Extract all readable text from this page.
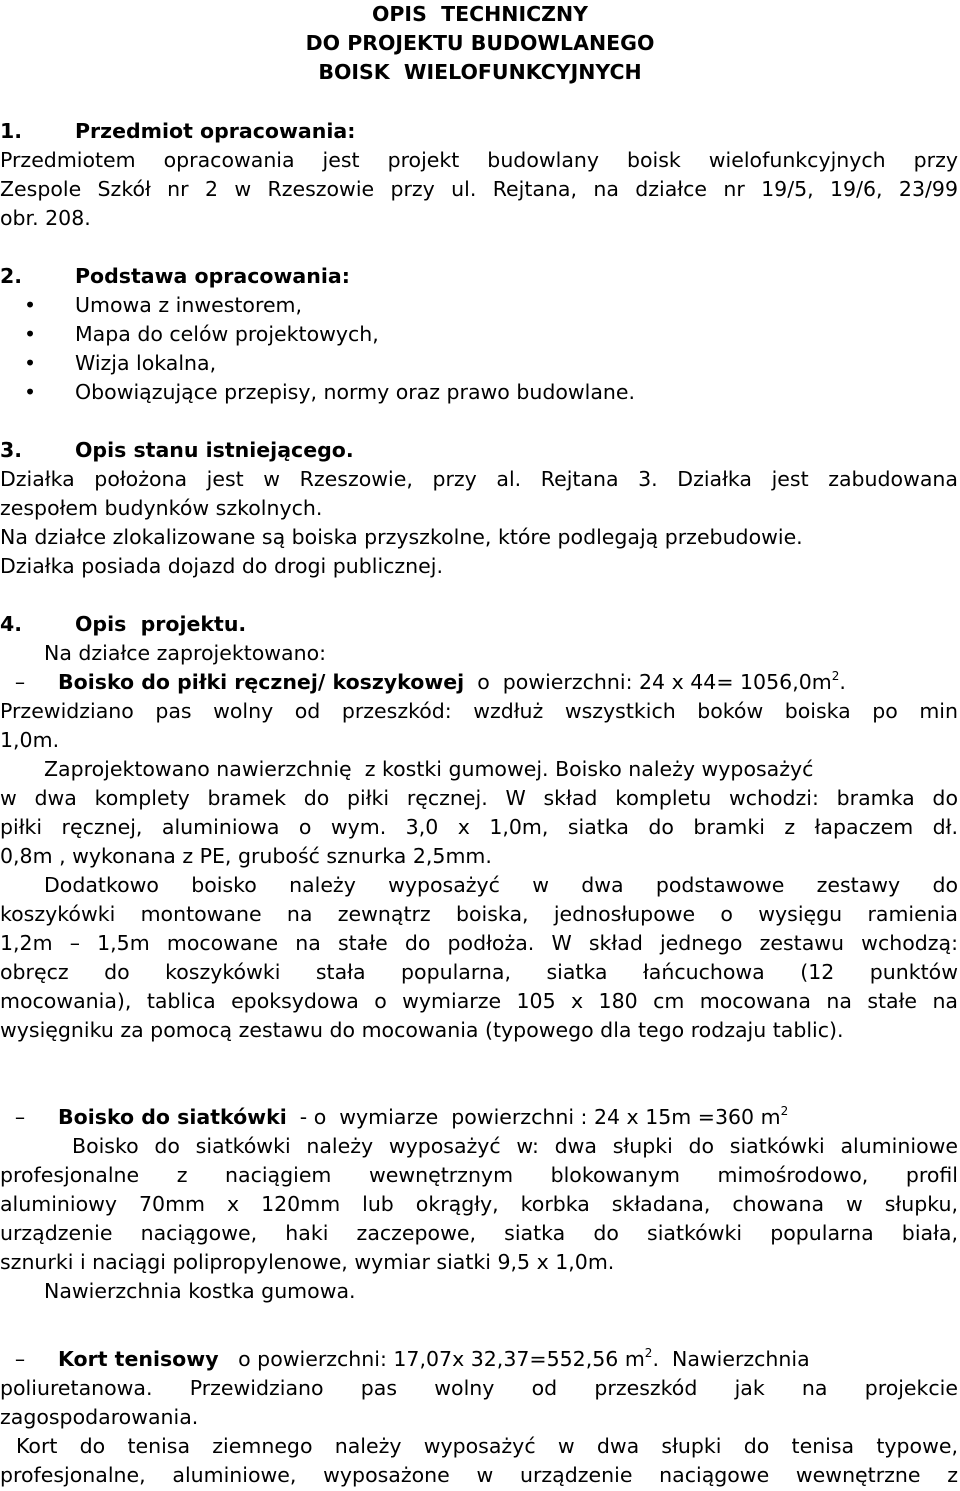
OPIS  TECHNICZNY
DO PROJEKTU BUDOWLANEGO
BOISK  WIELOFUNKCYJNYCH
1.	Przedmiot opracowania:
Przedmiotem opracowania jest projekt budowlany boisk wielofunkcyjnych przy
Zespole Szkół nr 2 w Rzeszowie przy ul. Rejtana, na działce nr 19/5, 19/6, 23/99
obr. 208.
2.	Podstawa opracowania:
• Umowa z inwestorem,
• Mapa do celów projektowych,
• Wizja lokalna,
• Obowiązujące przepisy, normy oraz prawo budowlane.
3.	Opis stanu istniejącego.
Działka położona jest w Rzeszowie, przy al. Rejtana 3. Działka jest zabudowana
zespołem budynków szkolnych.
Na działce zlokalizowane są boiska przyszkolne, które podlegają przebudowie.
Działka posiada dojazd do drogi publicznej.
4.	Opis  projektu.
Na działce zaprojektowano:
– Boisko do piłki ręcznej/ koszykowej  o  powierzchni: 24 x $44= 1056,0m^2$.
Przewidziano pas wolny od przeszkód: wzdłuż wszystkich boków boiska po min
1,0m.
Zaprojektowano nawierzchnię  z kostki gumowej. Boisko należy wyposażyć
w dwa komplety bramek do piłki ręcznej. W skład kompletu wchodzi: bramka do
piłki ręcznej, aluminiowa o wym. 3,0 x 1,0m, siatka do bramki z łapaczem dł.
0,8m , wykonana z PE, grubość sznurka 2,5mm.
Dodatkowo boisko należy wyposażyć w dwa podstawowe zestawy do
koszykówki montowane na zewnątrz boiska, jednosłupowe o wysięgu ramienia
1,2m – 1,5m mocowane na stałe do podłoża. W skład jednego zestawu wchodzą:
obręcz do koszykówki stała popularna, siatka łańcuchowa (12 punktów
mocowania), tablica epoksydowa o wymiarze 105 x 180 cm mocowana na stałe na
wysięgniku za pomocą zestawu do mocowania (typowego dla tego rodzaju tablic).
– Boisko do siatkówki  - o  wymiarze  powierzchni : 24 x 15m =360 $m^2$
Boisko do siatkówki należy wyposażyć w: dwa słupki do siatkówki aluminiowe
profesjonalne z naciągiem wewnętrznym blokowanym mimośrodowo, profil
aluminiowy 70mm x 120mm lub okrągły, korbka składana, chowana w słupku,
urządzenie naciągowe, haki zaczepowe, siatka do siatkówki popularna biała,
sznurki i naciągi polipropylenowe, wymiar siatki 9,5 x 1,0m.
Nawierzchnia kostka gumowa.
– Kort tenisowy   o powierzchni: 17,07x 32,37=552,56 $m^2$.  Nawierzchnia
poliuretanowa. Przewidziano pas wolny od przeszkód jak na projekcie
zagospodarowania.
Kort do tenisa ziemnego należy wyposażyć w dwa słupki do tenisa typowe,
profesjonalne, aluminiowe, wyposażone w urządzenie naciągowe wewnętrzne z
